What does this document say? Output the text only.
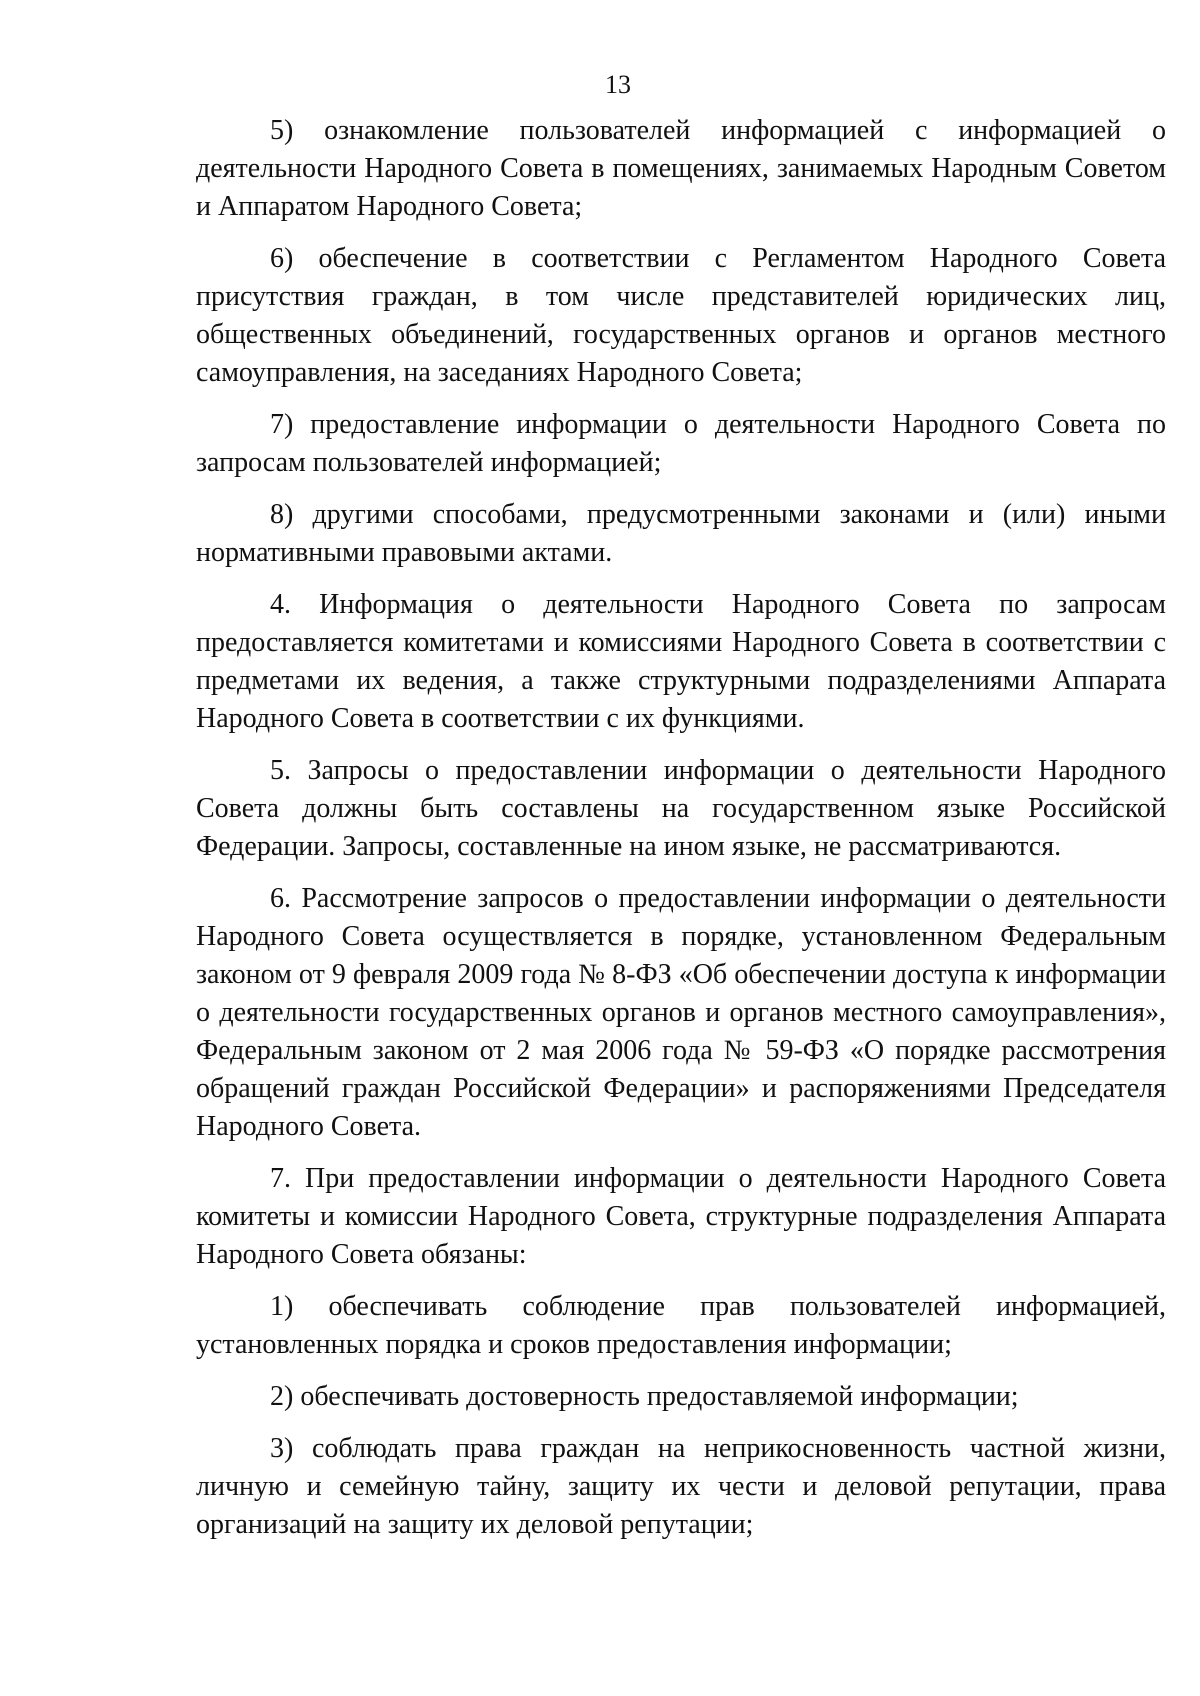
13

5) ознакомление пользователей информацией с информацией о деятельности Народного Совета в помещениях, занимаемых Народным Советом и Аппаратом Народного Совета;

6) обеспечение в соответствии с Регламентом Народного Совета присутствия граждан, в том числе представителей юридических лиц, общественных объединений, государственных органов и органов местного самоуправления, на заседаниях Народного Совета;

7) предоставление информации о деятельности Народного Совета по запросам пользователей информацией;

8) другими способами, предусмотренными законами и (или) иными нормативными правовыми актами.

4. Информация о деятельности Народного Совета по запросам предоставляется комитетами и комиссиями Народного Совета в соответствии с предметами их ведения, а также структурными подразделениями Аппарата Народного Совета в соответствии с их функциями.

5. Запросы о предоставлении информации о деятельности Народного Совета должны быть составлены на государственном языке Российской Федерации. Запросы, составленные на ином языке, не рассматриваются.

6. Рассмотрение запросов о предоставлении информации о деятельности Народного Совета осуществляется в порядке, установленном Федеральным законом от 9 февраля 2009 года № 8-ФЗ «Об обеспечении доступа к информации о деятельности государственных органов и органов местного самоуправления», Федеральным законом от 2 мая 2006 года № 59-ФЗ «О порядке рассмотрения обращений граждан Российской Федерации» и распоряжениями Председателя Народного Совета.

7. При предоставлении информации о деятельности Народного Совета комитеты и комиссии Народного Совета, структурные подразделения Аппарата Народного Совета обязаны:

1) обеспечивать соблюдение прав пользователей информацией, установленных порядка и сроков предоставления информации;

2) обеспечивать достоверность предоставляемой информации;

3) соблюдать права граждан на неприкосновенность частной жизни, личную и семейную тайну, защиту их чести и деловой репутации, права организаций на защиту их деловой репутации;
